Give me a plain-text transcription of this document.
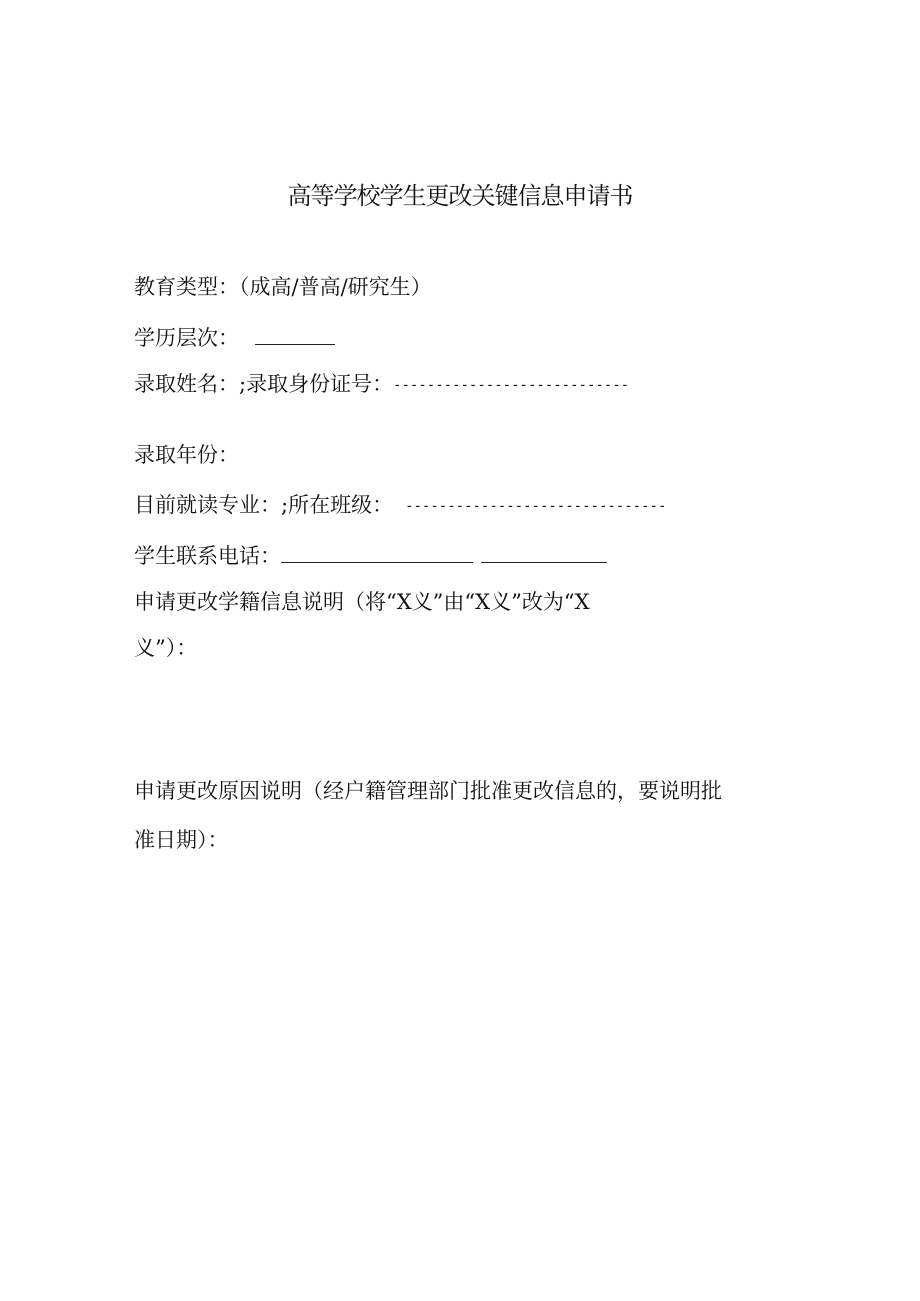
高等学校学生更改关键信息申请书
教育类型：（成高/普高/研究生）
学历层次：
录取姓名：;录取身份证号：----------------------------
录取年份：
目前就读专业：;所在班级： -------------------------------
学生联系电话：
申请更改学籍信息说明（将“X义”由“X义”改为“X
义”）：
申请更改原因说明（经户籍管理部门批准更改信息的，要说明批
准日期）：
